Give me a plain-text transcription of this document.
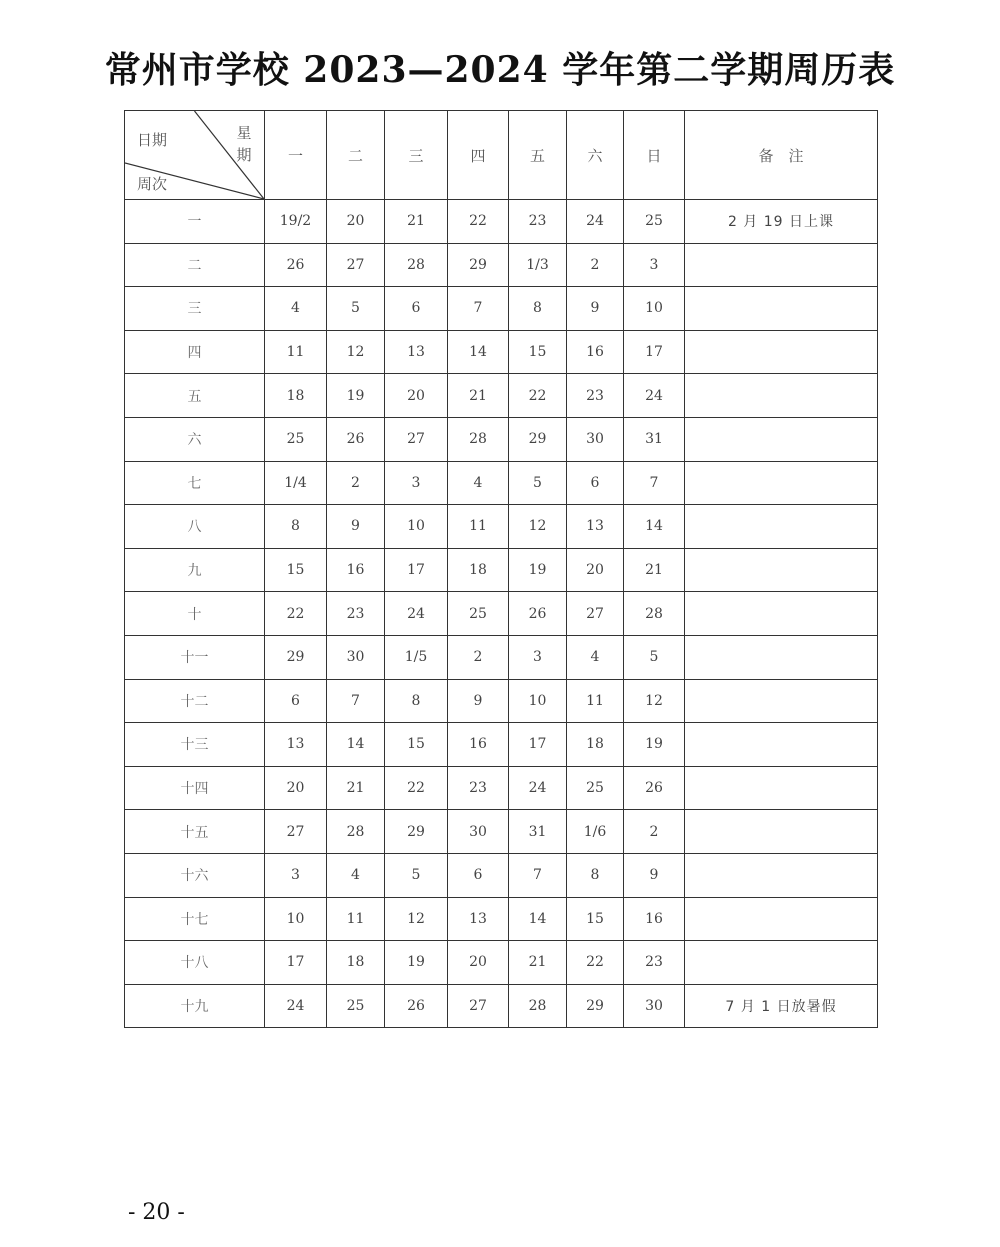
常州市学校 2023—2024 学年第二学期周历表
日期 星期
周次	一	二	三	四	五	六	日	备　注
一	19/2	20	21	22	23	24	25	2 月 19 日上课
二	26	27	28	29	1/3	2	3	
三	4	5	6	7	8	9	10	
四	11	12	13	14	15	16	17	
五	18	19	20	21	22	23	24	
六	25	26	27	28	29	30	31	
七	1/4	2	3	4	5	6	7	
八	8	9	10	11	12	13	14	
九	15	16	17	18	19	20	21	
十	22	23	24	25	26	27	28	
十一	29	30	1/5	2	3	4	5	
十二	6	7	8	9	10	11	12	
十三	13	14	15	16	17	18	19	
十四	20	21	22	23	24	25	26	
十五	27	28	29	30	31	1/6	2	
十六	3	4	5	6	7	8	9	
十七	10	11	12	13	14	15	16	
十八	17	18	19	20	21	22	23	
十九	24	25	26	27	28	29	30	7 月 1 日放暑假
- 20 -
